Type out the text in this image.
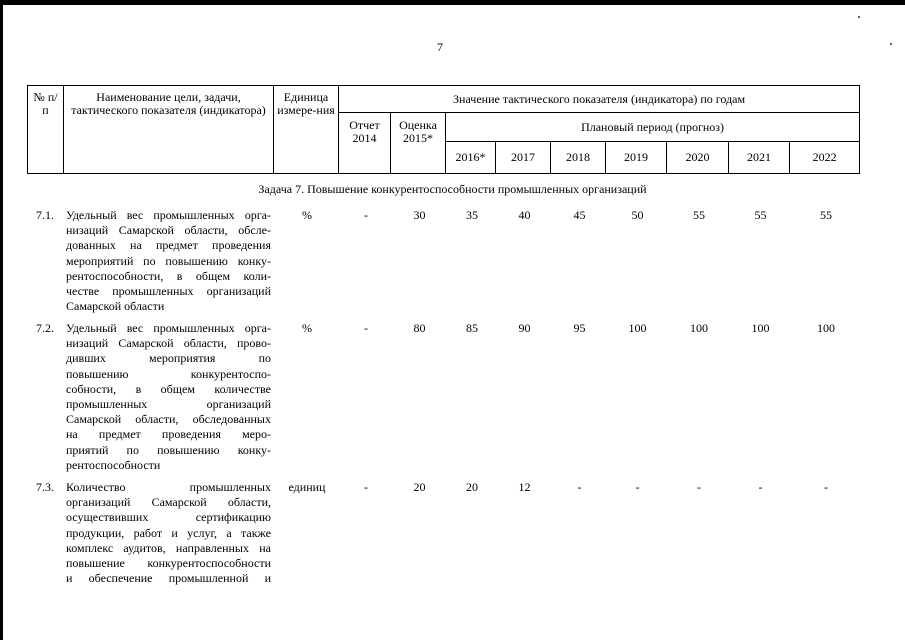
7
№ п/п	Наименование цели, задачи, тактического показателя (индикатора)	Единица измере-ния	Значение тактического показателя (индикатора) по годам								
			Отчет 2014	Оценка 2015*	Плановый период (прогноз)						
					2016*	2017	2018	2019	2020	2021	2022
Задача 7. Повышение конкурентоспособности промышленных организаций
7.1. Удельный вес промышленных орга-
низаций Самарской области, обсле-
дованных на предмет проведения
мероприятий по повышению конку-
рентоспособности, в общем коли-
честве промышленных организаций
Самарской области
%	-	30	35	40	45	50	55	55	55
7.2. Удельный вес промышленных орга-
низаций Самарской области, прово-
дивших мероприятия по
повышению конкурентоспо-
собности, в общем количестве
промышленных организаций
Самарской области, обследованных
на предмет проведения меро-
приятий по повышению конку-
рентоспособности
%	-	80	85	90	95	100	100	100	100
7.3. Количество промышленных
организаций Самарской области,
осуществивших сертификацию
продукции, работ и услуг, а также
комплекс аудитов, направленных на
повышение конкурентоспособности
и обеспечение промышленной и
единиц	-	20	20	12	-	-	-	-	-
